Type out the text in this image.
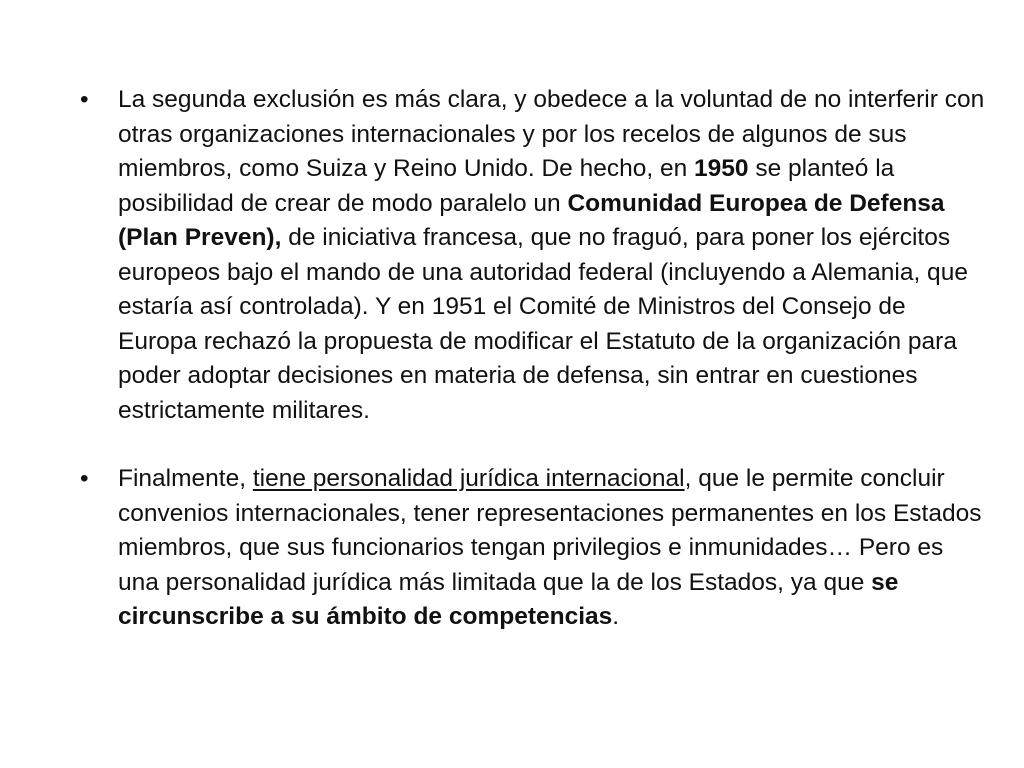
•	La segunda exclusión es más clara, y obedece a la voluntad de no interferir con otras organizaciones internacionales y por los recelos de algunos de sus miembros, como Suiza y Reino Unido. De hecho, en 1950 se planteó la posibilidad de crear de modo paralelo un Comunidad Europea de Defensa (Plan Preven), de iniciativa francesa, que no fraguó, para poner los ejércitos europeos bajo el mando de una autoridad federal (incluyendo a Alemania, que estaría así controlada). Y en 1951 el Comité de Ministros del Consejo de Europa rechazó la propuesta de modificar el Estatuto de la organización para poder adoptar decisiones en materia de defensa, sin entrar en cuestiones estrictamente militares.
•	Finalmente, tiene personalidad jurídica internacional, que le permite concluir convenios internacionales, tener representaciones permanentes en los Estados miembros, que sus funcionarios tengan privilegios e inmunidades… Pero es una personalidad jurídica más limitada que la de los Estados, ya que se circunscribe a su ámbito de competencias.
